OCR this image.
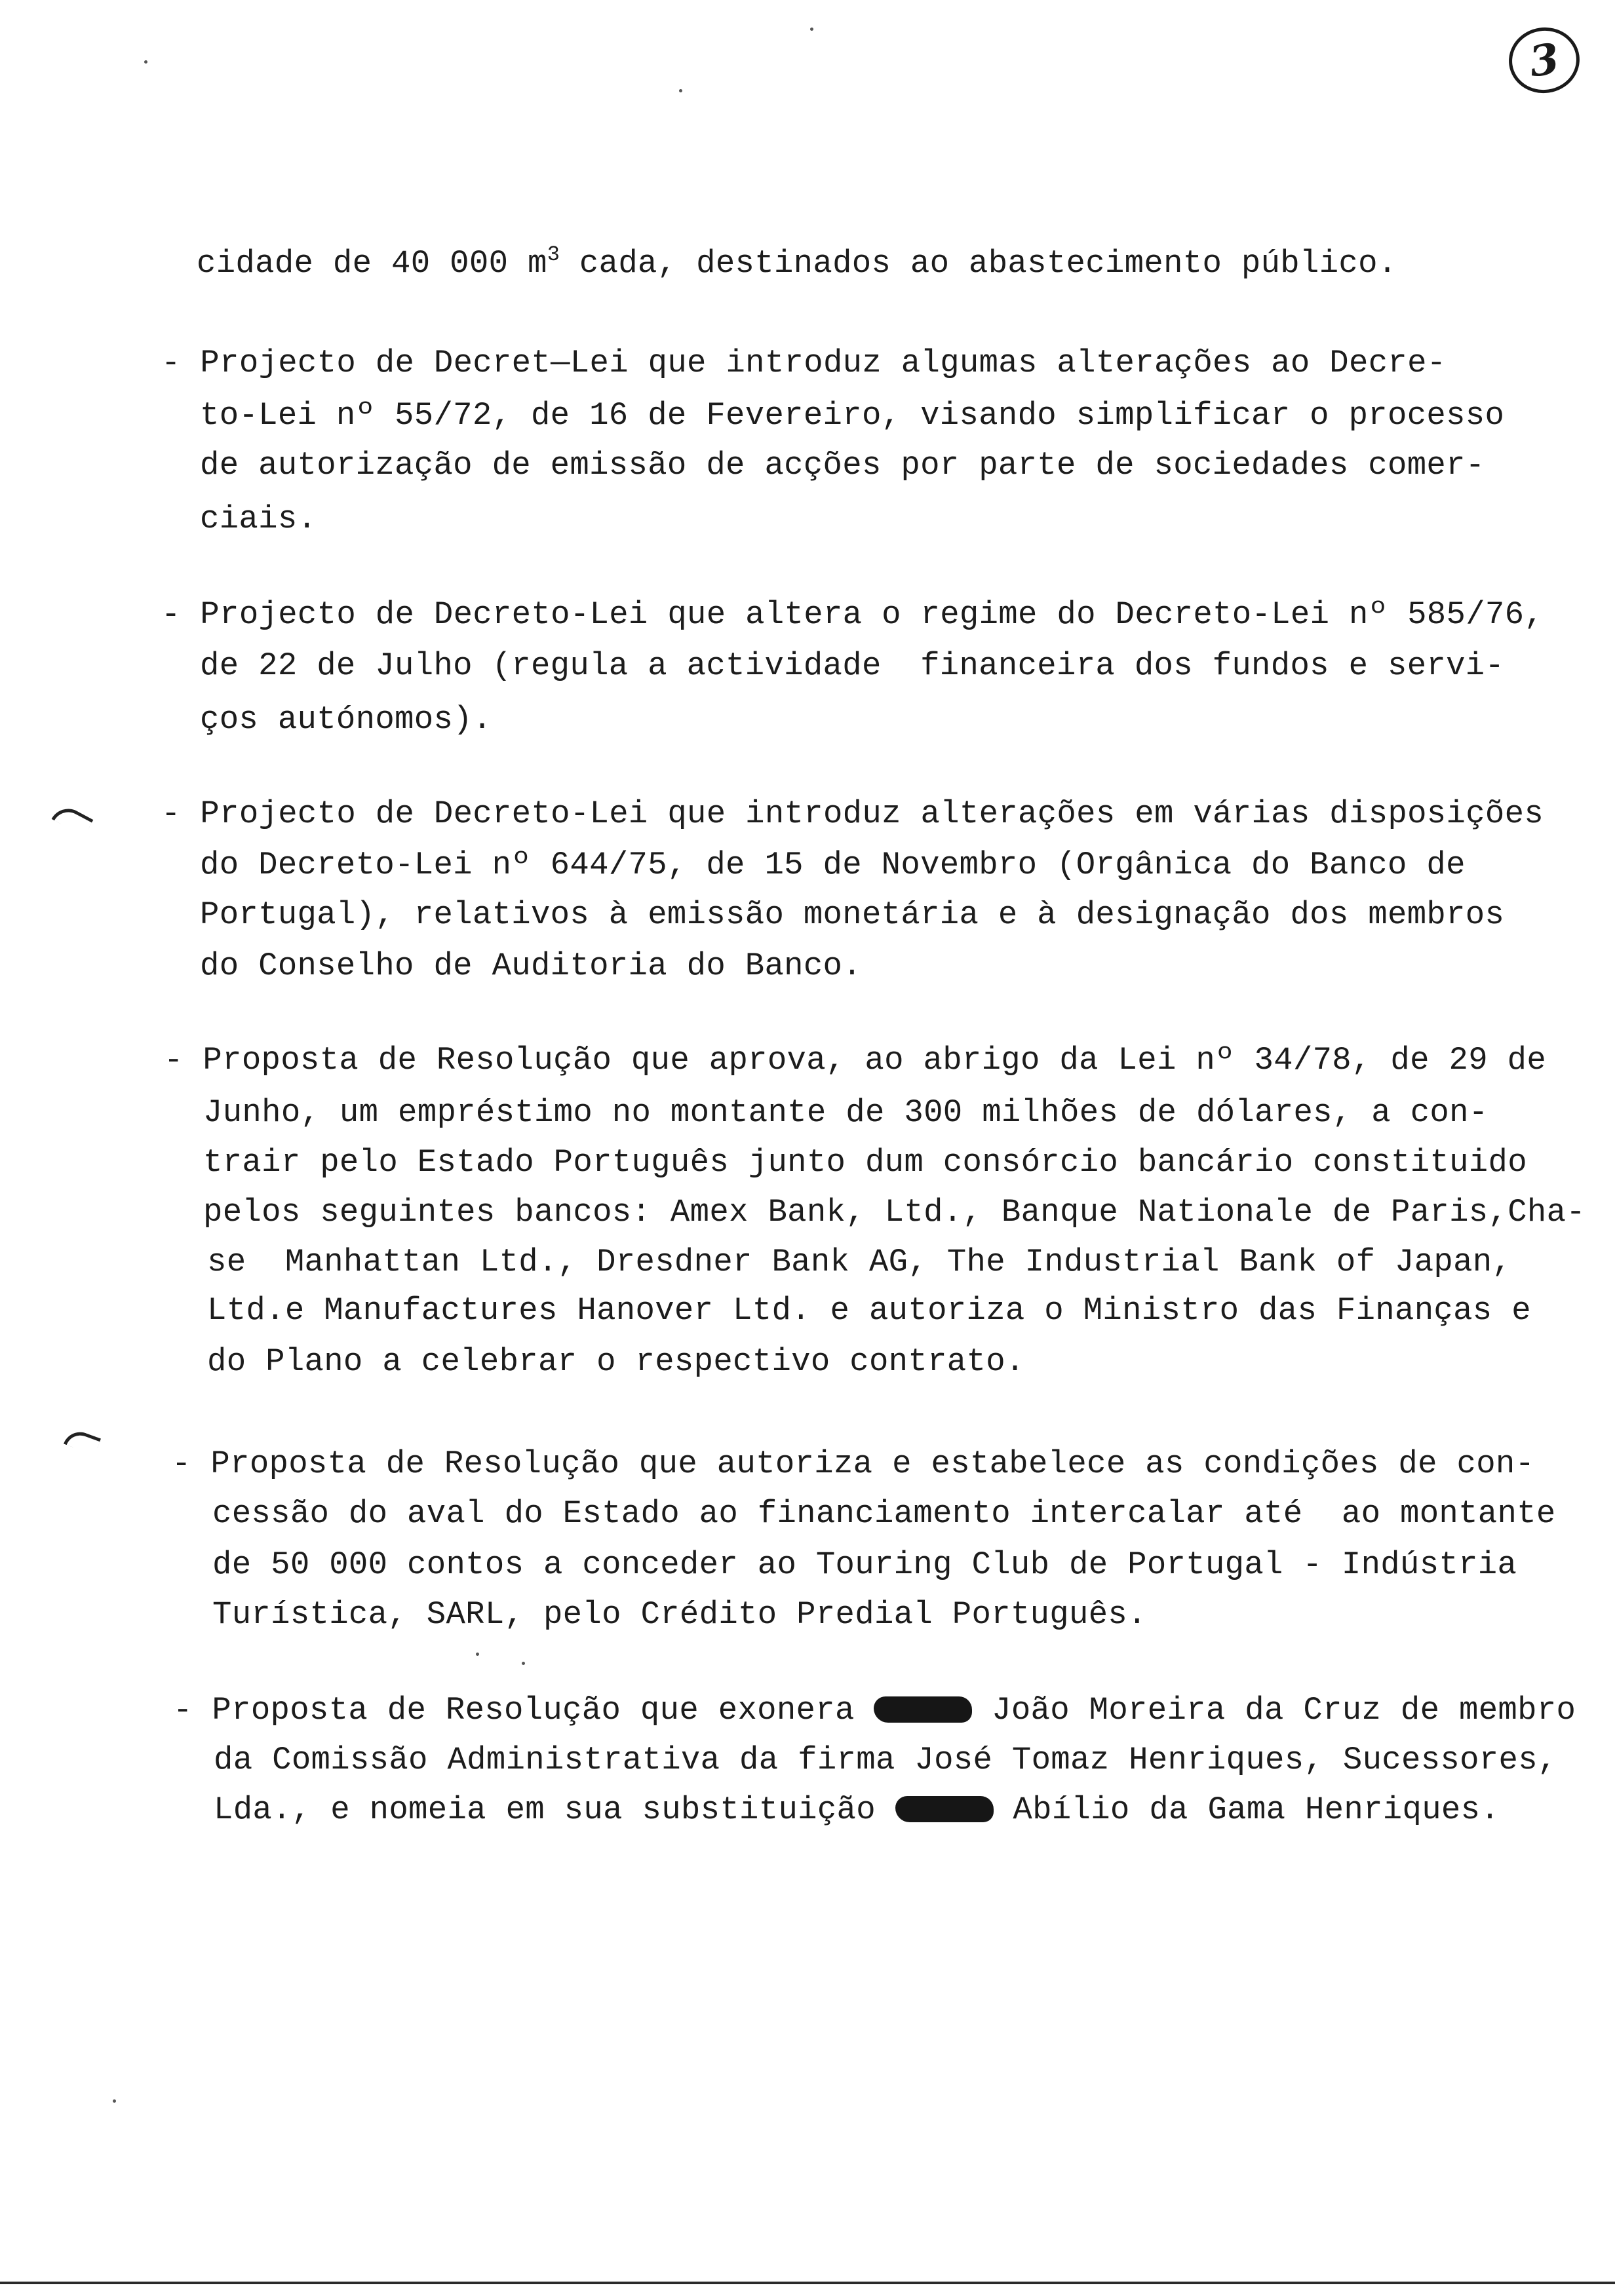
3
cidade de 40 000 $m^3$ cada, destinados ao abastecimento público.
- Projecto de Decret—Lei que introduz algumas alterações ao Decre-
to-Lei nº 55/72, de 16 de Fevereiro, visando simplificar o processo
de autorização de emissão de acções por parte de sociedades comer-
ciais.
- Projecto de Decreto-Lei que altera o regime do Decreto-Lei nº 585/76,
de 22 de Julho (regula a actividade  financeira dos fundos e servi-
ços autónomos).
- Projecto de Decreto-Lei que introduz alterações em várias disposições
do Decreto-Lei nº 644/75, de 15 de Novembro (Orgânica do Banco de
Portugal), relativos à emissão monetária e à designação dos membros
do Conselho de Auditoria do Banco.
- Proposta de Resolução que aprova, ao abrigo da Lei nº 34/78, de 29 de
Junho, um empréstimo no montante de 300 milhões de dólares, a con-
trair pelo Estado Português junto dum consórcio bancário constituido
pelos seguintes bancos: Amex Bank, Ltd., Banque Nationale de Paris,Cha-
se  Manhattan Ltd., Dresdner Bank AG, The Industrial Bank of Japan,
Ltd.e Manufactures Hanover Ltd. e autoriza o Ministro das Finanças e
do Plano a celebrar o respectivo contrato.
- Proposta de Resolução que autoriza e estabelece as condições de con-
cessão do aval do Estado ao financiamento intercalar até  ao montante
de 50 000 contos a conceder ao Touring Club de Portugal - Indústria
Turística, SARL, pelo Crédito Predial Português.
- Proposta de Resolução que exonera	João Moreira da Cruz de membro
da Comissão Administrativa da firma José Tomaz Henriques, Sucessores,
Lda., e nomeia em sua substituição	Abílio da Gama Henriques.
